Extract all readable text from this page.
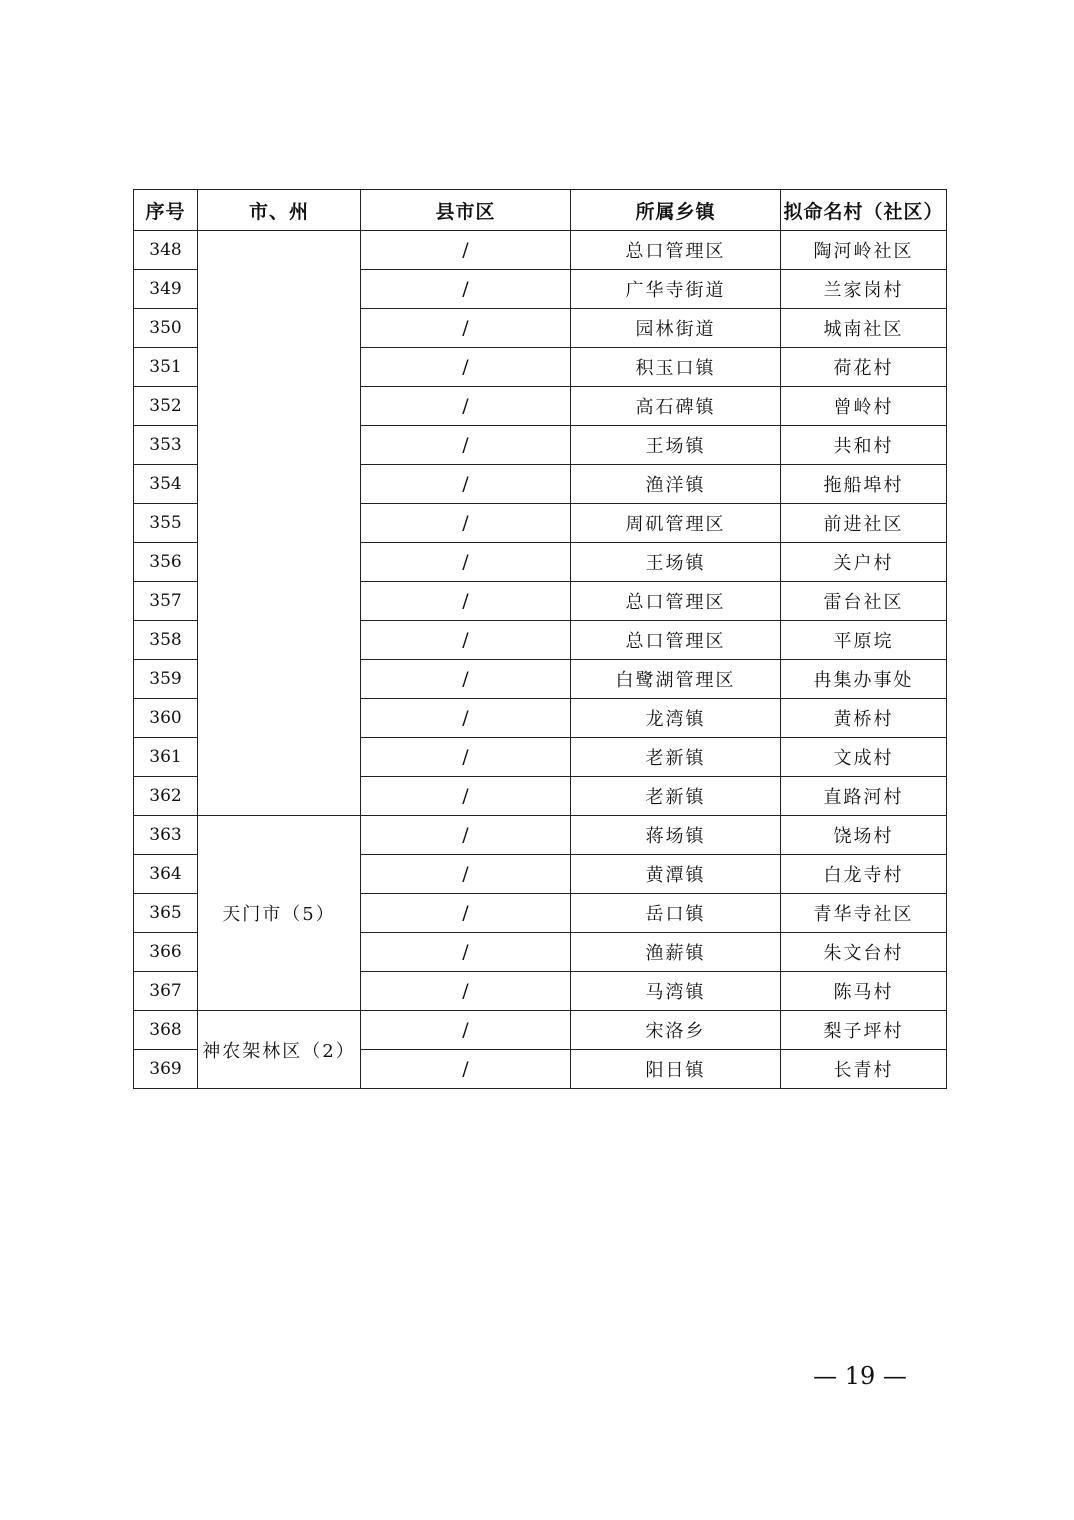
序号	市、州	县市区	所属乡镇	拟命名村（社区）
348		/	总口管理区	陶河岭社区
349		/	广华寺街道	兰家岗村
350		/	园林街道	城南社区
351		/	积玉口镇	荷花村
352		/	高石碑镇	曾岭村
353		/	王场镇	共和村
354		/	渔洋镇	拖船埠村
355		/	周矶管理区	前进社区
356		/	王场镇	关户村
357		/	总口管理区	雷台社区
358		/	总口管理区	平原垸
359		/	白鹭湖管理区	冉集办事处
360		/	龙湾镇	黄桥村
361		/	老新镇	文成村
362		/	老新镇	直路河村
363	天门市（5）	/	蒋场镇	饶场村
364		/	黄潭镇	白龙寺村
365		/	岳口镇	青华寺社区
366		/	渔薪镇	朱文台村
367		/	马湾镇	陈马村
368	神农架林区（2）	/	宋洛乡	梨子坪村
369		/	阳日镇	长青村
— 19 —
